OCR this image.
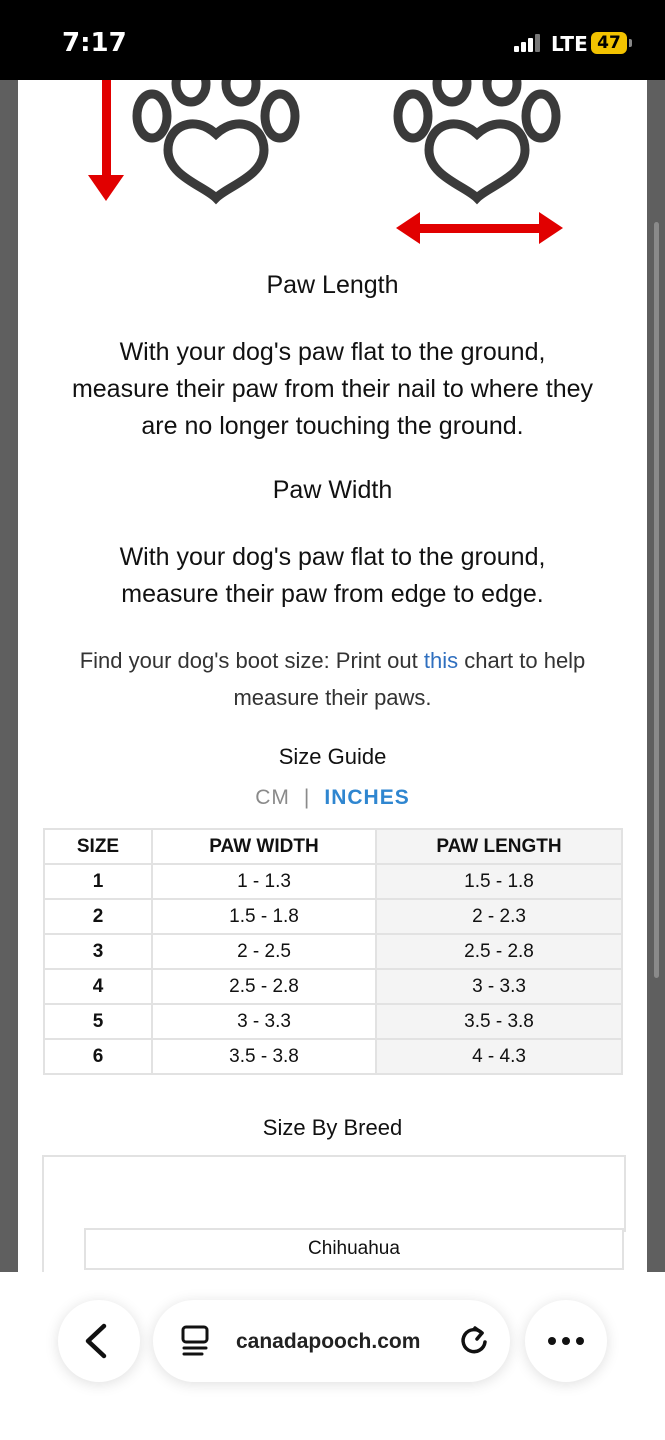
7:17	LTE 47
Paw Length
With your dog's paw flat to the ground,
measure their paw from their nail to where they
are no longer touching the ground.
Paw Width
With your dog's paw flat to the ground,
measure their paw from edge to edge.
Find your dog's boot size: Print out this chart to help
measure their paws.
Size Guide
CM | INCHES
SIZE	PAW WIDTH	PAW LENGTH
1	1 - 1.3	1.5 - 1.8
2	1.5 - 1.8	2 - 2.3
3	2 - 2.5	2.5 - 2.8
4	2.5 - 2.8	3 - 3.3
5	3 - 3.3	3.5 - 3.8
6	3.5 - 3.8	4 - 4.3
Size By Breed
Chihuahua
canadapooch.com
